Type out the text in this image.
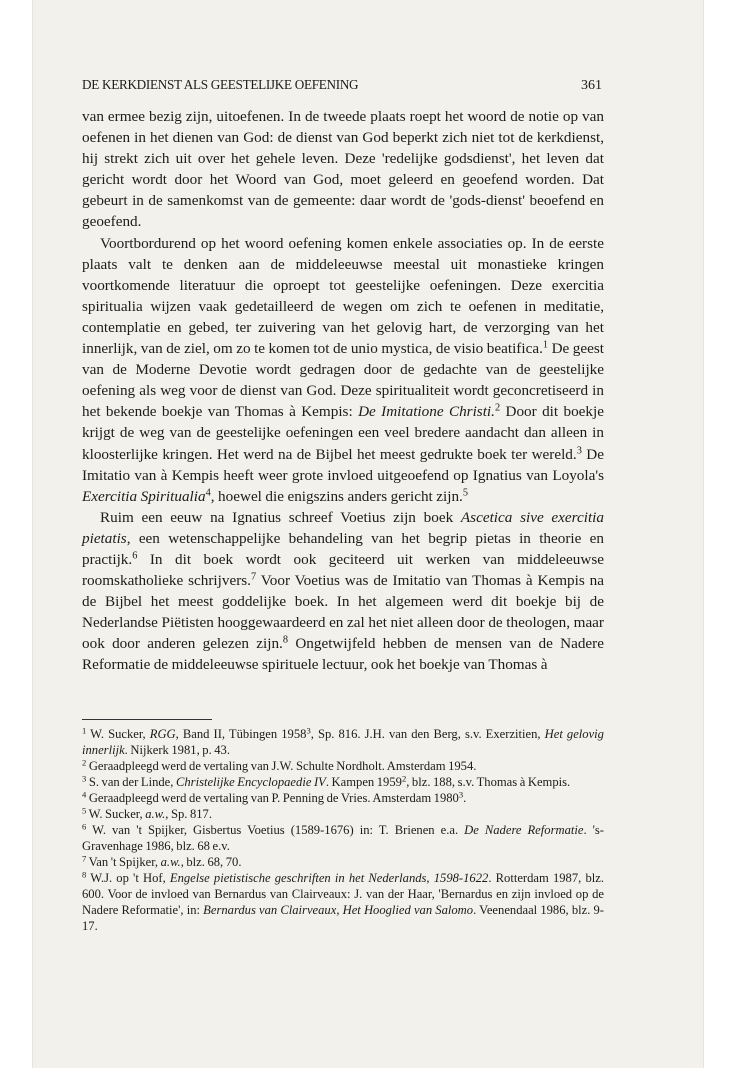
DE KERKDIENST ALS GEESTELIJKE OEFENING	361

van ermee bezig zijn, uitoefenen. In de tweede plaats roept het woord de notie op van oefenen in het dienen van God: de dienst van God beperkt zich niet tot de kerkdienst, hij strekt zich uit over het gehele leven. Deze 'redelijke godsdienst', het leven dat gericht wordt door het Woord van God, moet geleerd en geoefend worden. Dat gebeurt in de samenkomst van de gemeente: daar wordt de 'gods-dienst' beoefend en geoefend.

Voortbordurend op het woord oefening komen enkele associaties op. In de eerste plaats valt te denken aan de middeleeuwse meestal uit monastieke kringen voortkomende literatuur die oproept tot geestelijke oefeningen. Deze exercitia spiritualia wijzen vaak gedetailleerd de wegen om zich te oefenen in meditatie, contemplatie en gebed, ter zuivering van het gelovig hart, de verzorging van het innerlijk, van de ziel, om zo te komen tot de unio mystica, de visio beatifica.$^1$ De geest van de Moderne Devotie wordt gedragen door de gedachte van de geestelijke oefening als weg voor de dienst van God. Deze spiritualiteit wordt geconcretiseerd in het bekende boekje van Thomas à Kempis: De Imitatione Christi.$^2$ Door dit boekje krijgt de weg van de geestelijke oefeningen een veel bredere aandacht dan alleen in kloosterlijke kringen. Het werd na de Bijbel het meest gedrukte boek ter wereld.$^3$ De Imitatio van à Kempis heeft weer grote invloed uitgeoefend op Ignatius van Loyola's Exercitia Spiritualia$^4$, hoewel die enigszins anders gericht zijn.$^5$

Ruim een eeuw na Ignatius schreef Voetius zijn boek Ascetica sive exercitia pietatis, een wetenschappelijke behandeling van het begrip pietas in theorie en practijk.$^6$ In dit boek wordt ook geciteerd uit werken van middeleeuwse roomskatholieke schrijvers.$^7$ Voor Voetius was de Imitatio van Thomas à Kempis na de Bijbel het meest goddelijke boek. In het algemeen werd dit boekje bij de Nederlandse Piëtisten hooggewaardeerd en zal het niet alleen door de theologen, maar ook door anderen gelezen zijn.$^8$ Ongetwijfeld hebben de mensen van de Nadere Reformatie de middeleeuwse spirituele lectuur, ook het boekje van Thomas à

$^1$ W. Sucker, RGG, Band II, Tübingen 1958$^3$, Sp. 816. J.H. van den Berg, s.v. Exerzitien, Het gelovig innerlijk. Nijkerk 1981, p. 43.

$^2$ Geraadpleegd werd de vertaling van J.W. Schulte Nordholt. Amsterdam 1954.

$^3$ S. van der Linde, Christelijke Encyclopaedie IV. Kampen 1959$^2$, blz. 188, s.v. Thomas à Kempis.

$^4$ Geraadpleegd werd de vertaling van P. Penning de Vries. Amsterdam 1980$^3$.

$^5$ W. Sucker, a.w., Sp. 817.

$^6$ W. van 't Spijker, Gisbertus Voetius (1589-1676) in: T. Brienen e.a. De Nadere Reformatie. 's-Gravenhage 1986, blz. 68 e.v.

$^7$ Van 't Spijker, a.w., blz. 68, 70.

$^8$ W.J. op 't Hof, Engelse pietistische geschriften in het Nederlands, 1598-1622. Rotterdam 1987, blz. 600. Voor de invloed van Bernardus van Clairveaux: J. van der Haar, 'Bernardus en zijn invloed op de Nadere Reformatie', in: Bernardus van Clairveaux, Het Hooglied van Salomo. Veenendaal 1986, blz. 9-17.
